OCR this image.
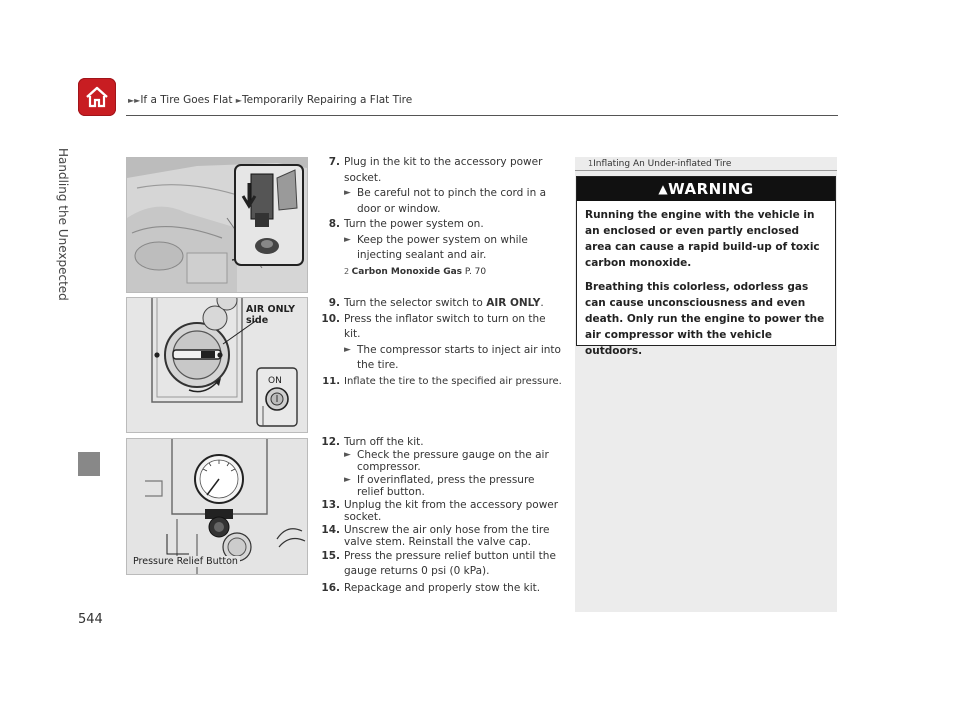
►►If a Tire Goes Flat ►Temporarily Repairing a Flat Tire
Handling the Unexpected
544
AIR ONLY
side
ON
Pressure Relief Button
7. Plug in the kit to the accessory power socket.
► Be careful not to pinch the cord in a door or window.
8. Turn the power system on.
► Keep the power system on while injecting sealant and air.
2 Carbon Monoxide Gas P. 70
9. Turn the selector switch to AIR ONLY.
10. Press the inflator switch to turn on the kit.
► The compressor starts to inject air into the tire.
11. Inflate the tire to the specified air pressure.
12. Turn off the kit.
► Check the pressure gauge on the air compressor.
► If overinflated, press the pressure relief button.
13. Unplug the kit from the accessory power socket.
14. Unscrew the air only hose from the tire valve stem. Reinstall the valve cap.
15. Press the pressure relief button until the gauge returns 0 psi (0 kPa).
16. Repackage and properly stow the kit.
1Inflating An Under-inflated Tire
▲WARNING

Running the engine with the vehicle in an enclosed or even partly enclosed area can cause a rapid build-up of toxic carbon monoxide.

Breathing this colorless, odorless gas can cause unconsciousness and even death. Only run the engine to power the air compressor with the vehicle outdoors.
